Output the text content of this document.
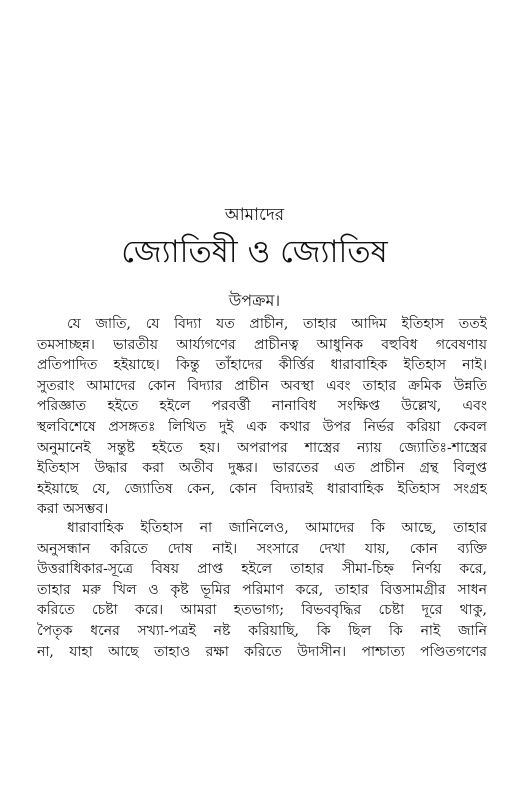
আমাদের

জ্যোতিষী ও জ্যোতিষ
উপক্রম।
যে জাতি, যে বিদ্যা যত প্রাচীন, তাহার আদিম ইতিহাস ততই
তমসাচ্ছন্ন। ভারতীয় আর্য্যগণের প্রাচীনত্ব আধুনিক বহুবিধ গবেষণায়
প্রতিপাদিত হইয়াছে। কিন্তু তাঁহাদের কীর্ত্তির ধারাবাহিক ইতিহাস নাই।
সুতরাং আমাদের কোন বিদ্যার প্রাচীন অবস্থা এবং তাহার ক্রমিক উন্নতি
পরিজ্ঞাত হইতে হইলে পরবর্ত্তী নানাবিধ সংক্ষিপ্ত উল্লেখ, এবং
স্থলবিশেষে প্রসঙ্গতঃ লিখিত দুই এক কথার উপর নির্ভর করিয়া কেবল
অনুমানেই সন্তুষ্ট হইতে হয়। অপরাপর শাস্ত্রের ন্যায় জ্যোতিঃ-শাস্ত্রের
ইতিহাস উদ্ধার করা অতীব দুষ্কর। ভারতের এত প্রাচীন গ্রন্থ বিলুপ্ত
হইয়াছে যে, জ্যোতিষ কেন, কোন বিদ্যারই ধারাবাহিক ইতিহাস সংগ্রহ
করা অসম্ভব।
ধারাবাহিক ইতিহাস না জানিলেও, আমাদের কি আছে, তাহার
অনুসন্ধান করিতে দোষ নাই। সংসারে দেখা যায়, কোন ব্যক্তি
উত্তরাধিকার-সূত্রে বিষয় প্রাপ্ত হইলে তাহার সীমা-চিহ্ন নির্ণয় করে,
তাহার মরু খিল ও কৃষ্ট ভূমির পরিমাণ করে, তাহার বিত্তসামগ্রীর সাধন
করিতে চেষ্টা করে। আমরা হতভাগ্য; বিভববৃদ্ধির চেষ্টা দূরে থাকু,
পৈতৃক ধনের সখ্যা-পত্রই নষ্ট করিয়াছি, কি ছিল কি নাই জানি
না, যাহা আছে তাহাও রক্ষা করিতে উদাসীন। পাশ্চাত্য পণ্ডিতগণের
